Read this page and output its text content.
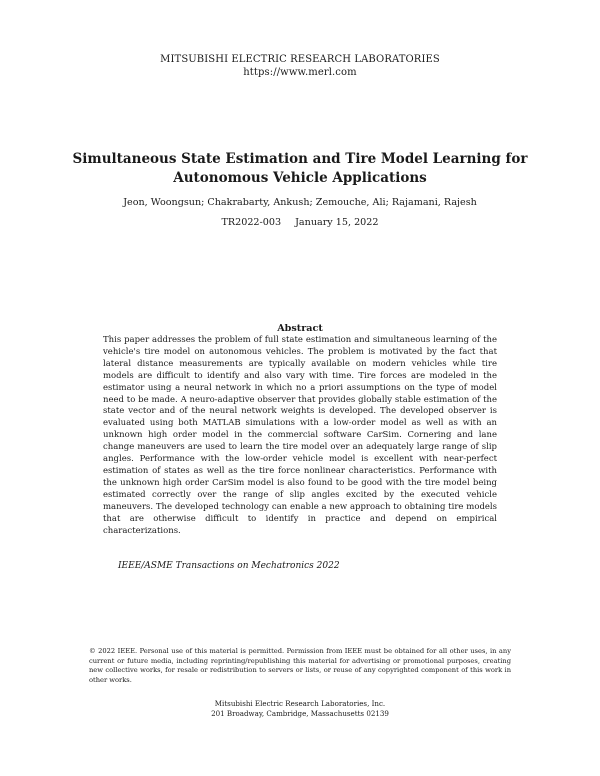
MITSUBISHI ELECTRIC RESEARCH LABORATORIES
https://www.merl.com
Simultaneous State Estimation and Tire Model Learning for
Autonomous Vehicle Applications
Jeon, Woongsun; Chakrabarty, Ankush; Zemouche, Ali; Rajamani, Rajesh
TR2022-003 January 15, 2022
Abstract
This paper addresses the problem of full state estimation and simultaneous learning of the vehicle's tire model on autonomous vehicles. The problem is motivated by the fact that lateral distance measurements are typically available on modern vehicles while tire models are difficult to identify and also vary with time. Tire forces are modeled in the estimator using a neural network in which no a priori assumptions on the type of model need to be made. A neuro-adaptive observer that provides globally stable estimation of the state vector and of the neural network weights is developed. The developed observer is evaluated using both MATLAB simulations with a low-order model as well as with an unknown high order model in the commercial software CarSim. Cornering and lane change maneuvers are used to learn the tire model over an adequately large range of slip angles. Performance with the low-order vehicle model is excellent with near-perfect estimation of states as well as the tire force nonlinear characteristics. Performance with the unknown high order CarSim model is also found to be good with the tire model being estimated correctly over the range of slip angles excited by the executed vehicle maneuvers. The developed technology can enable a new approach to obtaining tire models that are otherwise difficult to identify in practice and depend on empirical characterizations.
IEEE/ASME Transactions on Mechatronics 2022
© 2022 IEEE. Personal use of this material is permitted. Permission from IEEE must be obtained for all other uses, in any current or future media, including reprinting/republishing this material for advertising or promotional purposes, creating new collective works, for resale or redistribution to servers or lists, or reuse of any copyrighted component of this work in other works.
Mitsubishi Electric Research Laboratories, Inc.
201 Broadway, Cambridge, Massachusetts 02139
